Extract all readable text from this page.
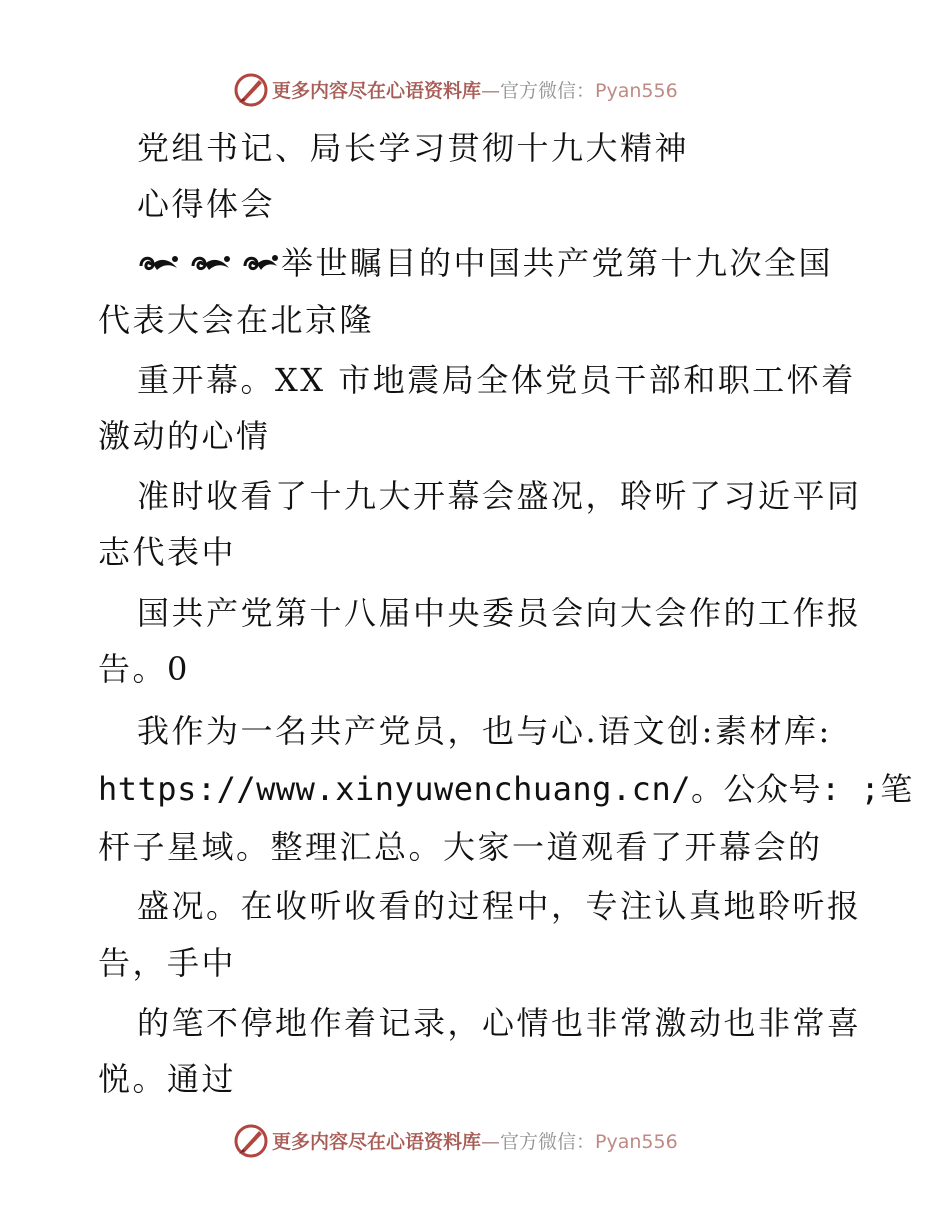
更多内容尽在心语资料库—官方微信：Pyan556
党组书记、局长学习贯彻十九大精神
心得体会
举世瞩目的中国共产党第十九次全国
代表大会在北京隆
重开幕。XX 市地震局全体党员干部和职工怀着
激动的心情
准时收看了十九大开幕会盛况，聆听了习近平同
志代表中
国共产党第十八届中央委员会向大会作的工作报
告。0
我作为一名共产党员，也与心.语文创:素材库:
https://www.xinyuwenchuang.cn/。公众号: ;笔
杆子星域。整理汇总。大家一道观看了开幕会的
盛况。在收听收看的过程中，专注认真地聆听报
告，手中
的笔不停地作着记录，心情也非常激动也非常喜
悦。通过
更多内容尽在心语资料库—官方微信：Pyan556
